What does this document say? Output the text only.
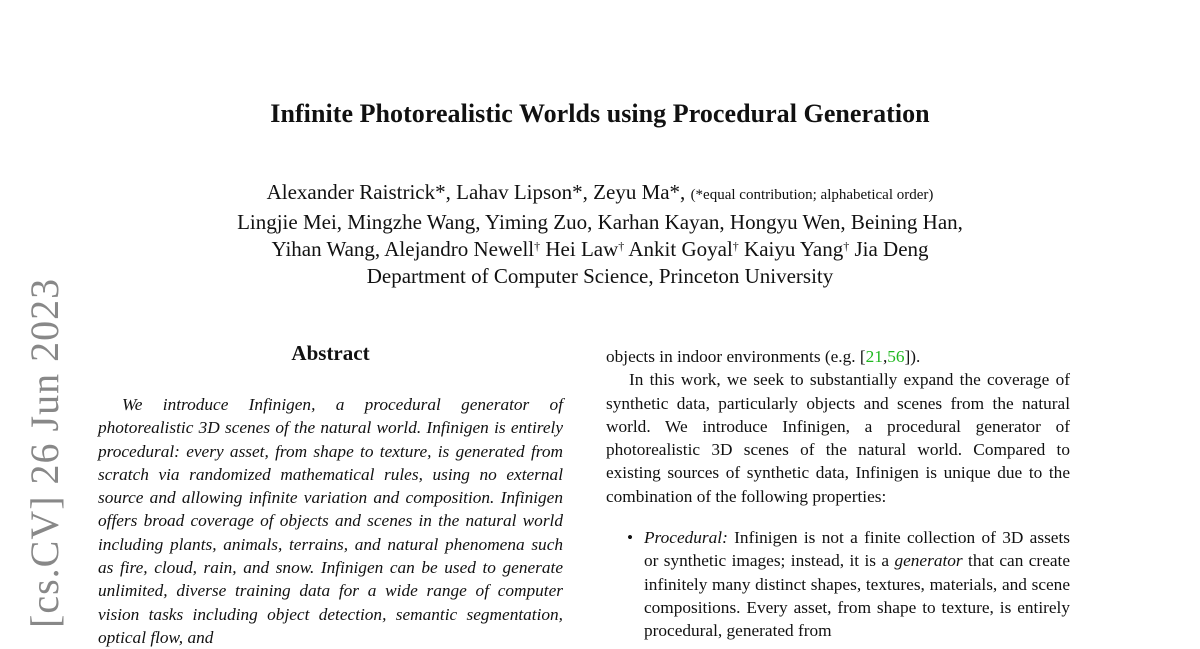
Infinite Photorealistic Worlds using Procedural Generation
Alexander Raistrick*, Lahav Lipson*, Zeyu Ma*, (*equal contribution; alphabetical order)
Lingjie Mei, Mingzhe Wang, Yiming Zuo, Karhan Kayan, Hongyu Wen, Beining Han,
Yihan Wang, Alejandro Newell† Hei Law† Ankit Goyal† Kaiyu Yang† Jia Deng
Department of Computer Science, Princeton University
[cs.CV] 26 Jun 2023	Abstract
We introduce Infinigen, a procedural generator of photorealistic 3D scenes of the natural world. Infinigen is entirely procedural: every asset, from shape to texture, is generated from scratch via randomized mathematical rules, using no external source and allowing infinite variation and composition. Infinigen offers broad coverage of objects and scenes in the natural world including plants, animals, terrains, and natural phenomena such as fire, cloud, rain, and snow. Infinigen can be used to generate unlimited, diverse training data for a wide range of computer vision tasks including object detection, semantic segmentation, optical flow, and

objects in indoor environments (e.g. [21,56]).

In this work, we seek to substantially expand the coverage of synthetic data, particularly objects and scenes from the natural world. We introduce Infinigen, a procedural generator of photorealistic 3D scenes of the natural world. Compared to existing sources of synthetic data, Infinigen is unique due to the combination of the following properties:

• Procedural: Infinigen is not a finite collection of 3D assets or synthetic images; instead, it is a generator that can create infinitely many distinct shapes, textures, materials, and scene compositions. Every asset, from shape to texture, is entirely procedural, generated from
